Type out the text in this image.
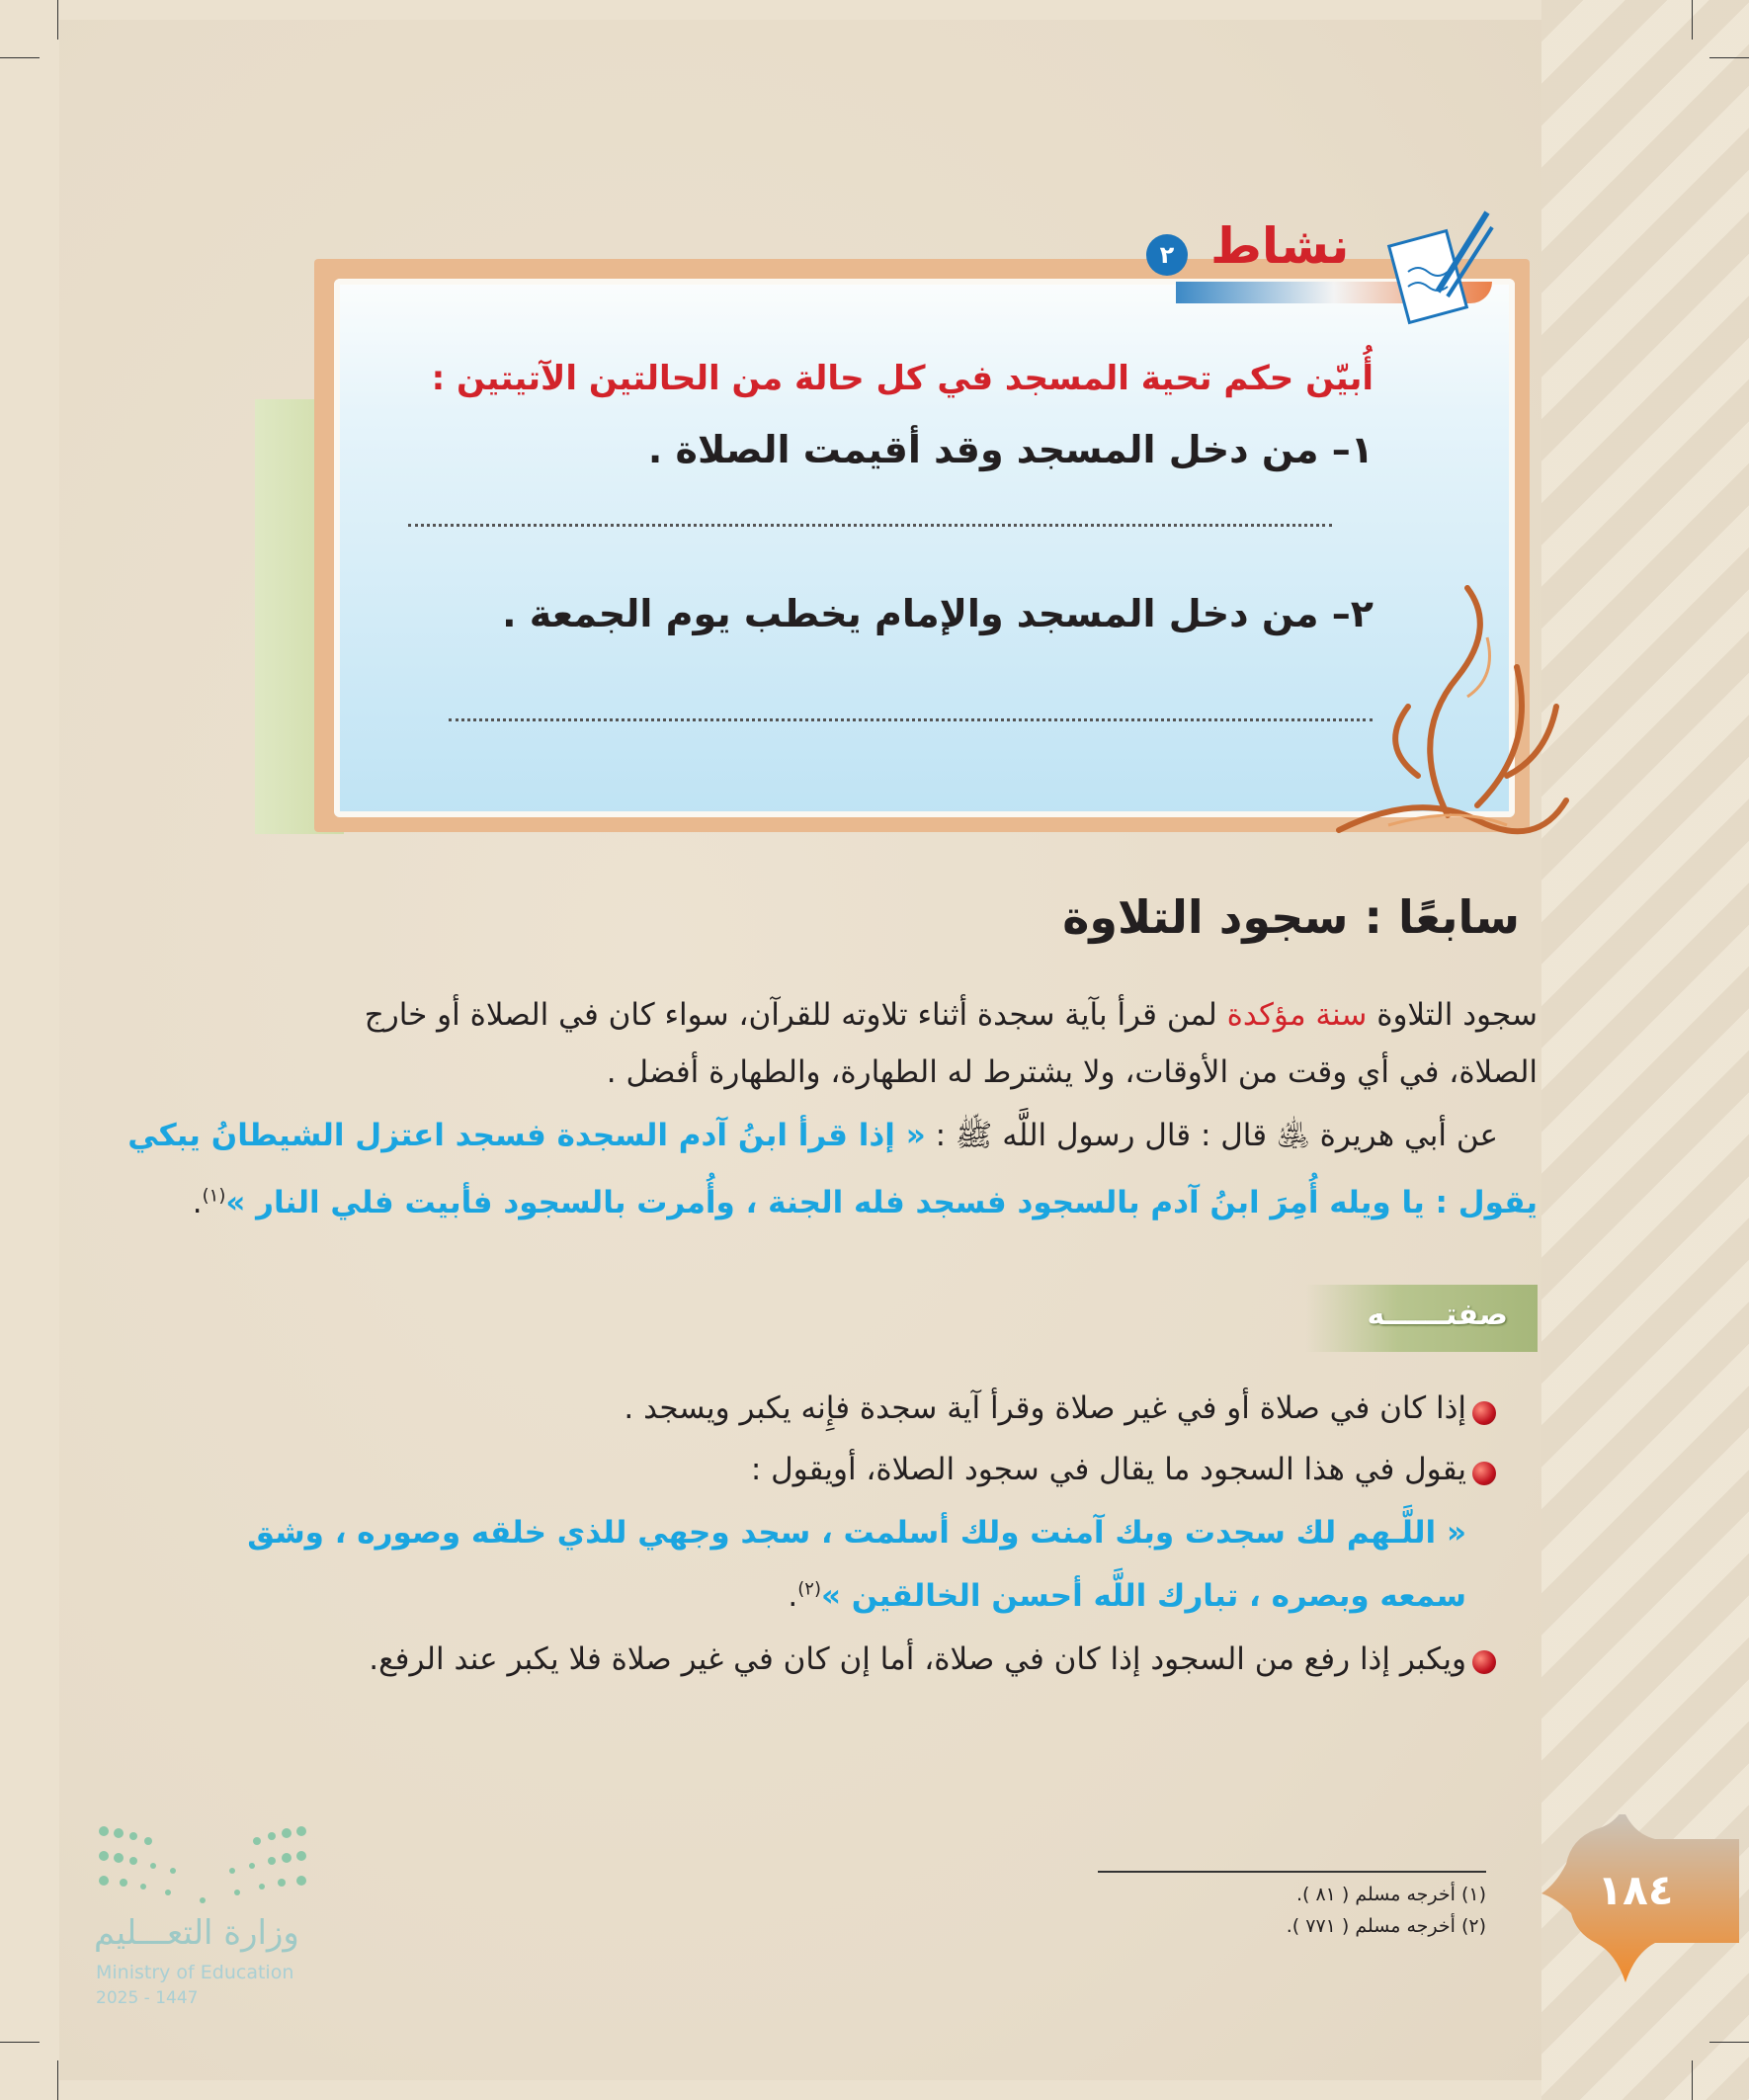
٢ نشاط
أُبيّن حكم تحية المسجد في كل حالة من الحالتين الآتيتين :
١– من دخل المسجد وقد أقيمت الصلاة .
٢– من دخل المسجد والإمام يخطب يوم الجمعة .
سابعًا : سجود التلاوة
سجود التلاوة سنة مؤكدة لمن قرأ بآية سجدة أثناء تلاوته للقرآن، سواء كان في الصلاة أو خارج
الصلاة، في أي وقت من الأوقات، ولا يشترط له الطهارة، والطهارة أفضل .
عن أبي هريرة ﵁ قال : قال رسول اللَّه ﷺ : « إذا قرأ ابنُ آدم السجدة فسجد اعتزل الشيطانُ يبكي
يقول : يا ويله أُمِرَ ابنُ آدم بالسجود فسجد فله الجنة ، وأُمرت بالسجود فأبيت فلي النار »$^{(١)}$.
صفتــــــه
إذا كان في صلاة أو في غير صلاة وقرأ آية سجدة فإِنه يكبر ويسجد .
يقول في هذا السجود ما يقال في سجود الصلاة، أويقول :
« اللَّـهم لك سجدت وبك آمنت ولك أسلمت ، سجد وجهي للذي خلقه وصوره ، وشق
سمعه وبصره ، تبارك اللَّه أحسن الخالقين »$^{(٢)}$.
ويكبر إذا رفع من السجود إذا كان في صلاة، أما إن كان في غير صلاة فلا يكبر عند الرفع.
(١) أخرجه مسلم ( ٨١ ).
(٢) أخرجه مسلم ( ٧٧١ ).
١٨٤
وزارة التعـــليم
Ministry of Education
2025 - 1447
